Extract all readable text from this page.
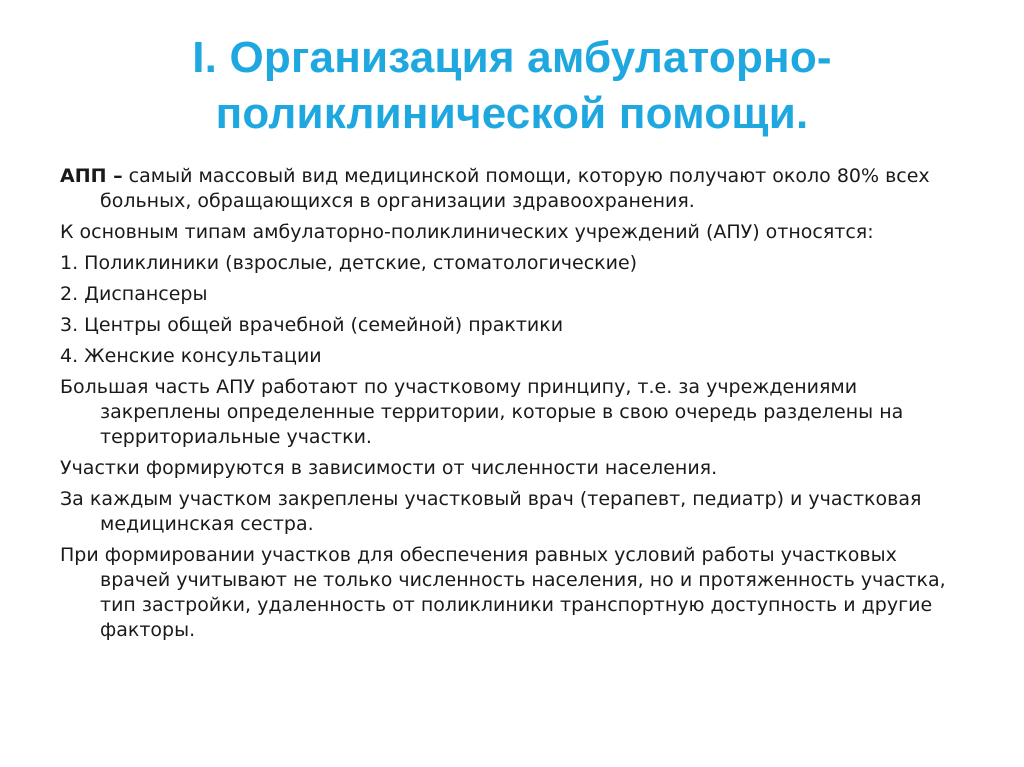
I. Организация амбулаторно-
поликлинической помощи.

АПП – самый массовый вид медицинской помощи, которую получают около 80% всех больных, обращающихся в организации здравоохранения.

К основным типам амбулаторно-поликлинических учреждений (АПУ) относятся:

1. Поликлиники (взрослые, детские, стоматологические)

2. Диспансеры

3. Центры общей врачебной (семейной) практики

4. Женские консультации

Большая часть АПУ работают по участковому принципу, т.е. за учреждениями закреплены определенные территории, которые в свою очередь разделены на территориальные участки.

Участки формируются в зависимости от численности населения.

За каждым участком закреплены участковый врач (терапевт, педиатр) и участковая медицинская сестра.

При формировании участков для обеспечения равных условий работы участковых врачей учитывают не только численность населения, но и протяженность участка, тип застройки, удаленность от поликлиники транспортную доступность и другие факторы.
